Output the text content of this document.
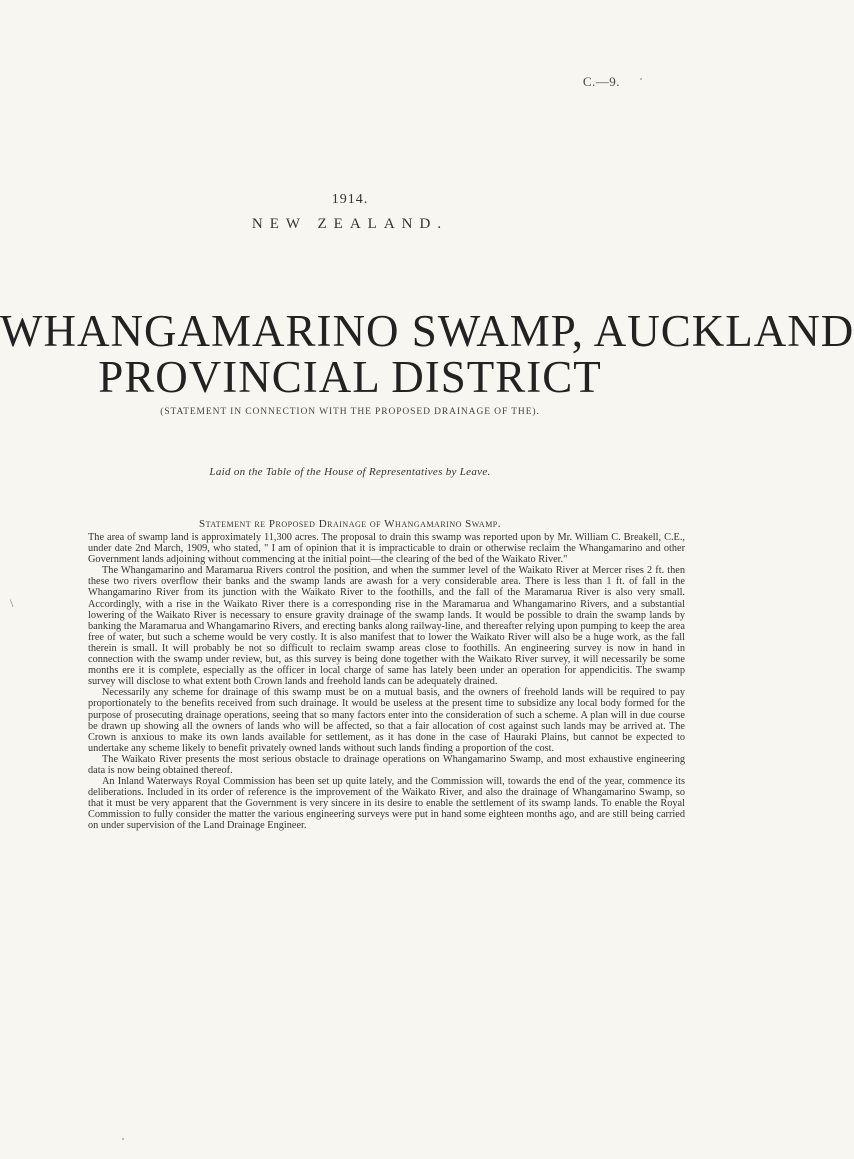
C.—9.
1914.
NEW ZEALAND.
WHANGAMARINO SWAMP, AUCKLAND
PROVINCIAL DISTRICT
(STATEMENT IN CONNECTION WITH THE PROPOSED DRAINAGE OF THE).
Laid on the Table of the House of Representatives by Leave.
Statement re Proposed Drainage of Whangamarino Swamp.

The area of swamp land is approximately 11,300 acres. The proposal to drain this swamp was reported upon by Mr. William C. Breakell, C.E., under date 2nd March, 1909, who stated, " I am of opinion that it is impracticable to drain or otherwise reclaim the Whangamarino and other Government lands adjoining without commencing at the initial point—the clearing of the bed of the Waikato River."

The Whangamarino and Maramarua Rivers control the position, and when the summer level of the Waikato River at Mercer rises 2 ft. then these two rivers overflow their banks and the swamp lands are awash for a very considerable area. There is less than 1 ft. of fall in the Whangamarino River from its junction with the Waikato River to the foothills, and the fall of the Maramarua River is also very small. Accordingly, with a rise in the Waikato River there is a corresponding rise in the Maramarua and Whangamarino Rivers, and a substantial lowering of the Waikato River is necessary to ensure gravity drainage of the swamp lands. It would be possible to drain the swamp lands by banking the Maramarua and Whangamarino Rivers, and erecting banks along railway-line, and thereafter relying upon pumping to keep the area free of water, but such a scheme would be very costly. It is also manifest that to lower the Waikato River will also be a huge work, as the fall therein is small. It will probably be not so difficult to reclaim swamp areas close to foothills. An engineering survey is now in hand in connection with the swamp under review, but, as this survey is being done together with the Waikato River survey, it will necessarily be some months ere it is complete, especially as the officer in local charge of same has lately been under an operation for appendicitis. The swamp survey will disclose to what extent both Crown lands and freehold lands can be adequately drained.

Necessarily any scheme for drainage of this swamp must be on a mutual basis, and the owners of freehold lands will be required to pay proportionately to the benefits received from such drainage. It would be useless at the present time to subsidize any local body formed for the purpose of prosecuting drainage operations, seeing that so many factors enter into the consideration of such a scheme. A plan will in due course be drawn up showing all the owners of lands who will be affected, so that a fair allocation of cost against such lands may be arrived at. The Crown is anxious to make its own lands available for settlement, as it has done in the case of Hauraki Plains, but cannot be expected to undertake any scheme likely to benefit privately owned lands without such lands finding a proportion of the cost.

The Waikato River presents the most serious obstacle to drainage operations on Whangamarino Swamp, and most exhaustive engineering data is now being obtained thereof.

An Inland Waterways Royal Commission has been set up quite lately, and the Commission will, towards the end of the year, commence its deliberations. Included in its order of reference is the improvement of the Waikato River, and also the drainage of Whangamarino Swamp, so that it must be very apparent that the Government is very sincere in its desire to enable the settlement of its swamp lands. To enable the Royal Commission to fully consider the matter the various engineering surveys were put in hand some eighteen months ago, and are still being carried on under supervision of the Land Drainage Engineer.

\
